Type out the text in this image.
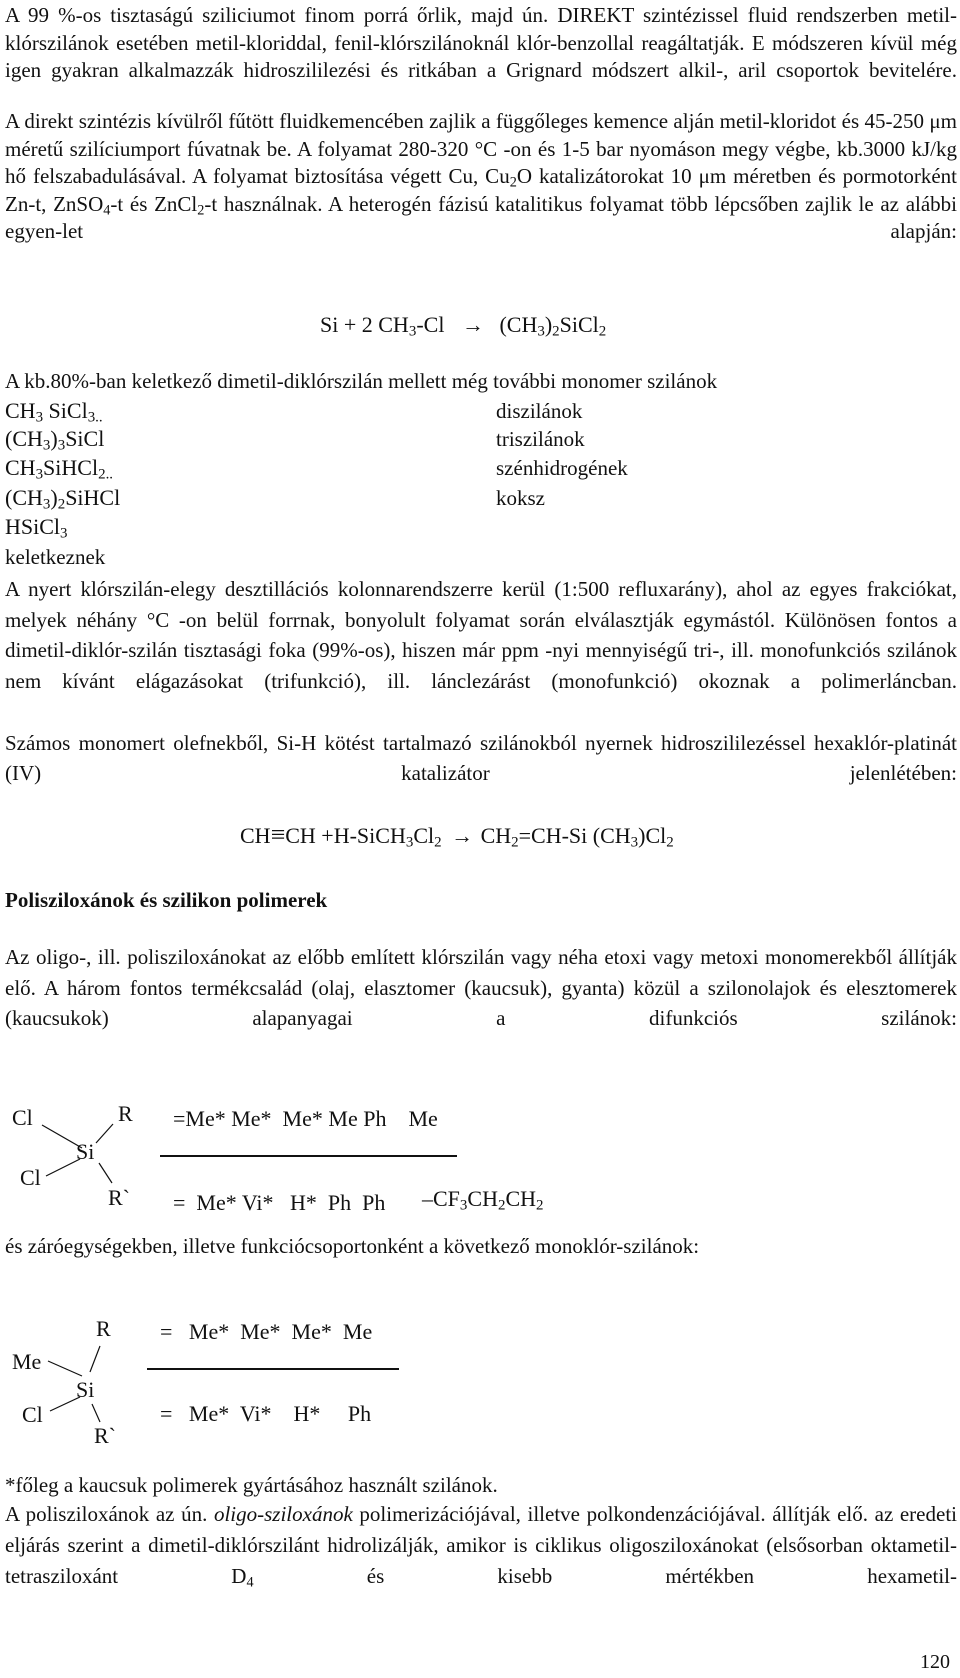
A 99 %-os tisztaságú sziliciumot finom porrá őrlik, majd ún. DIREKT szintézissel fluid rendszerben metil-klórszilánok esetében metil-kloriddal, fenil-klórszilánoknál klór-benzollal reagáltatják. E módszeren kívül még igen gyakran alkalmazzák hidroszililezési és ritkában a Grignard módszert alkil-, aril csoportok bevitelére.

A direkt szintézis kívülről fűtött fluidkemencében zajlik a függőleges kemence alján metil-kloridot és 45-250 μm méretű szilíciumport fúvatnak be. A folyamat 280-320 °C -on és 1-5 bar nyomáson megy végbe, kb.3000 kJ/kg hő felszabadulásával. A folyamat biztosítása végett Cu, $Cu_2O$ katalizátorokat 10 μm méretben és pormotorként Zn-t, ZnSO$_4$-t és ZnCl$_2$-t használnak. A heterogén fázisú katalitikus folyamat több lépcsőben zajlik le az alábbi egyen-let alapján:

Si + 2 $CH_3-Cl$ → $(CH_3)_2SiCl_2$
A kb.80%-ban keletkező dimetil-diklórszilán mellett még további monomer szilánok
$CH_3$ SiCl$_{3..}$
$(CH_3)_3SiCl$
$CH_3SiHCl_{2..}$
$(CH_3)_2SiHCl$
HSiCl$_3$
diszilánok
triszilánok
szénhidrogének
koksz
keletkeznek

A nyert klórszilán-elegy desztillációs kolonnarendszerre kerül (1:500 refluxarány), ahol az egyes frakciókat, melyek néhány °C -on belül forrnak, bonyolult folyamat során elválasztják egymástól. Különösen fontos a dimetil-diklór-szilán tisztasági foka (99%-os), hiszen már ppm -nyi mennyiségű tri-, ill. monofunkciós szilánok nem kívánt elágazásokat (trifunkció), ill. lánclezárást (monofunkció) okoznak a polimerláncban.

Számos monomert olefnekből, Si-H kötést tartalmazó szilánokból nyernek hidroszililezéssel hexaklór-platinát (IV) katalizátor jelenlétében:

$CH\equiv CH +H-SiCH_3Cl_2 \to CH_2=CH-Si$ $(CH_3)Cl_2$
Polisziloxánok és szilikon polimerek

Az oligo-, ill. polisziloxánokat az előbb említett klórszilán vagy néha etoxi vagy metoxi monomerekből állítják elő. A három fontos termékcsalád (olaj, elasztomer (kaucsuk), gyanta) közül a szilonolajok és elesztomerek (kaucsukok) alapanyagai a difunkciós szilánok:

Cl
Cl
Si
R
R`
=Me* Me*  Me* Me Ph    Me
=  Me* Vi*   H*  Ph  Ph $-CF_3CH_2CH_2$
és záróegységekben, illetve funkciócsoportonként a következő monoklór-szilánok:
Me
Cl
Si
R
R`
=   Me*  Me*  Me*  Me
=   Me*  Vi*    H*     Ph
*főleg a kaucsuk polimerek gyártásához használt szilánok.

A polisziloxánok az ún. oligo-sziloxánok polimerizációjával, illetve polkondenzációjával. állítják elő. az eredeti eljárás szerint a dimetil-diklórszilánt hidrolizálják, amikor is ciklikus oligosziloxánokat (elsősorban oktametil-tetrasziloxánt $D_4$ és kisebb mértékben hexametil-

120
